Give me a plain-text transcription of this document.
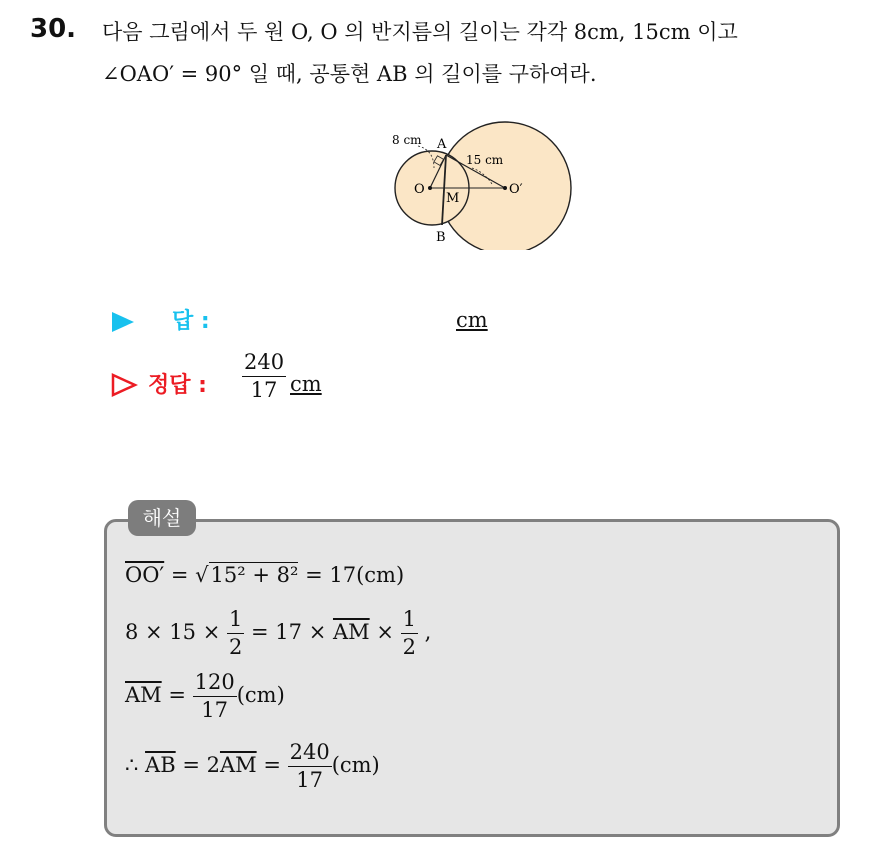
30. 다음 그림에서 두 원 O, O 의 반지름의 길이는 각각 8cm, 15cm 이고
∠OAO′ = 90° 일 때, 공통현 AB 의 길이를 구하여라.
8 cm A
15 cm
O
M
O′
B
답 :	cm
정답 : $\frac{240}{17}$ cm
해설
OO′ = √15² + 8² = 17(cm)
$8 \times 15 \times \frac{1}{2} = 17 \times \overline{AM} \times \frac{1}{2}$ ,
$\overline{AM} = \frac{120}{17} (cm)$
∴ $\overline{AB} = 2\overline{AM} = \frac{240}{17} (cm)$
